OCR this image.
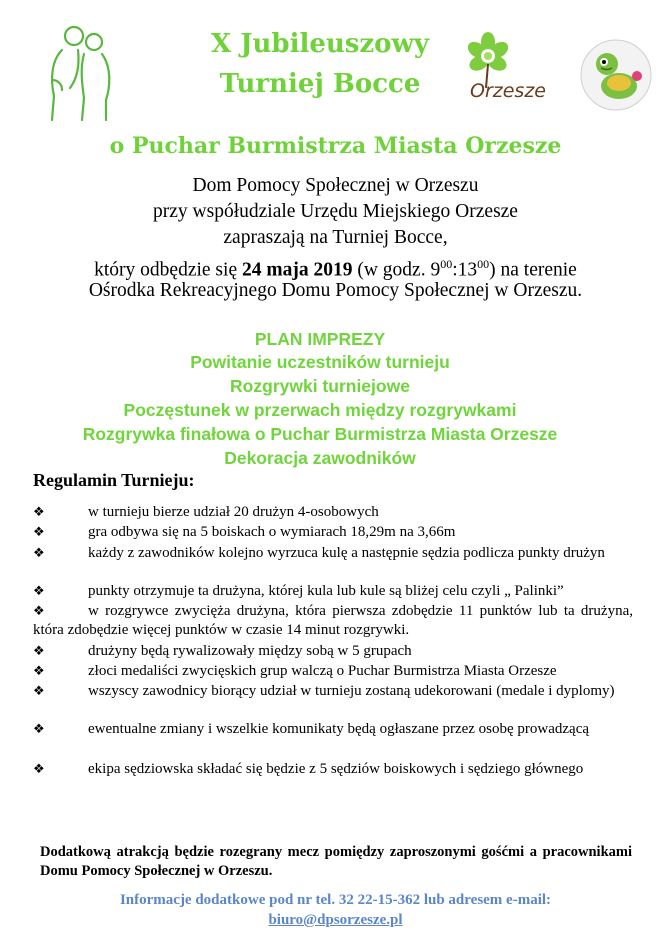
X Jubileuszowy
Turniej Bocce	Orzesze
o Puchar Burmistrza Miasta Orzesze
Dom Pomocy Społecznej w Orzeszu
przy współudziale Urzędu Miejskiego Orzesze
zapraszają na Turniej Bocce,
który odbędzie się 24 maja 2019 (w godz. $9^{00}:13^{00}$) na terenie
Ośrodka Rekreacyjnego Domu Pomocy Społecznej w Orzeszu.
PLAN IMPREZY
Powitanie uczestników turnieju
Rozgrywki turniejowe
Poczęstunek w przerwach między rozgrywkami
Rozgrywka finałowa o Puchar Burmistrza Miasta Orzesze
Dekoracja zawodników
Regulamin Turnieju:
❖	w turnieju bierze udział 20 drużyn 4-osobowych
❖	gra odbywa się na 5 boiskach o wymiarach 18,29m na 3,66m
❖	każdy z zawodników kolejno wyrzuca kulę a następnie sędzia podlicza punkty drużyn
❖	punkty otrzymuje ta drużyna, której kula lub kule są bliżej celu czyli „ Palinki”
❖	w rozgrywce zwycięża drużyna, która pierwsza zdobędzie 11 punktów lub ta drużyna, która zdobędzie więcej punktów w czasie 14 minut rozgrywki.
❖	drużyny będą rywalizowały między sobą w 5 grupach
❖	złoci medaliści zwycięskich grup walczą o Puchar Burmistrza Miasta Orzesze
❖	wszyscy zawodnicy biorący udział w turnieju zostaną udekorowani (medale i dyplomy)
❖	ewentualne zmiany i wszelkie komunikaty będą ogłaszane przez osobę prowadzącą
❖	ekipa sędziowska składać się będzie z 5 sędziów boiskowych i sędziego głównego
Dodatkową atrakcją będzie rozegrany mecz pomiędzy zaproszonymi gośćmi a pracownikami Domu Pomocy Społecznej w Orzeszu.
Informacje dodatkowe pod nr tel. 32 22-15-362 lub adresem e-mail:
biuro@dpsorzesze.pl
